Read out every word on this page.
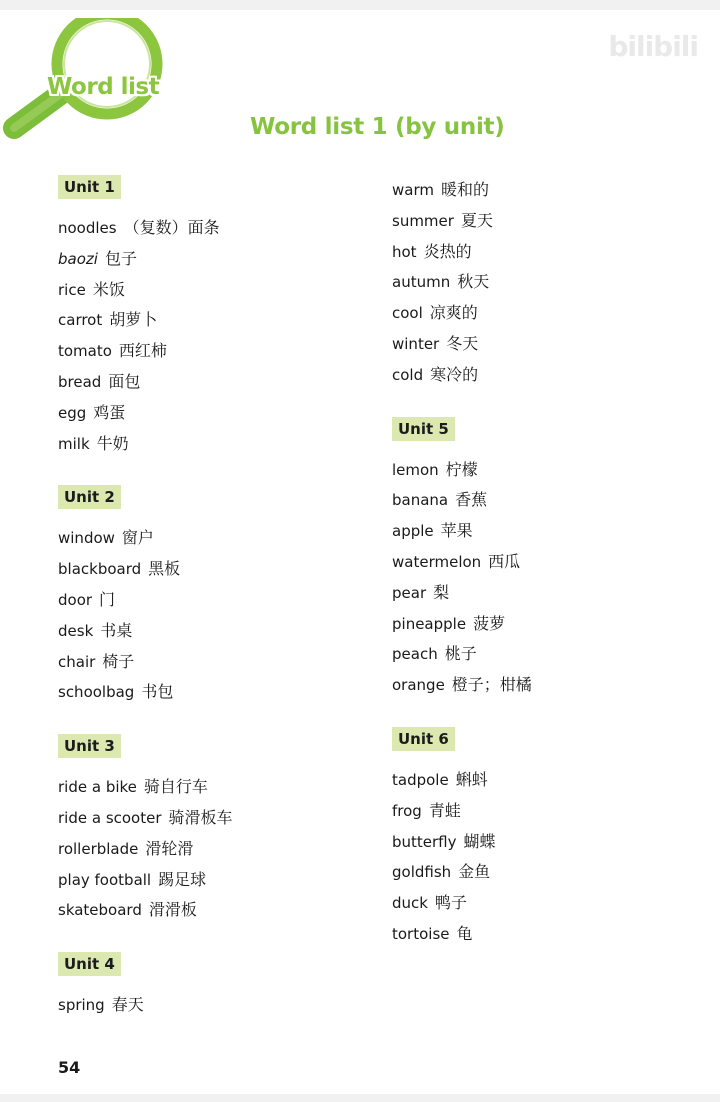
Word list
bilibili
Word list 1 (by unit)
Unit 1
noodles （复数）面条
baozi 包子
rice 米饭
carrot 胡萝卜
tomato 西红柿
bread 面包
egg 鸡蛋
milk 牛奶
Unit 2
window 窗户
blackboard 黑板
door 门
desk 书桌
chair 椅子
schoolbag 书包
Unit 3
ride a bike 骑自行车
ride a scooter 骑滑板车
rollerblade 滑轮滑
play football 踢足球
skateboard 滑滑板
Unit 4
spring 春天
warm 暖和的
summer 夏天
hot 炎热的
autumn 秋天
cool 凉爽的
winter 冬天
cold 寒冷的
Unit 5
lemon 柠檬
banana 香蕉
apple 苹果
watermelon 西瓜
pear 梨
pineapple 菠萝
peach 桃子
orange 橙子；柑橘
Unit 6
tadpole 蝌蚪
frog 青蛙
butterfly 蝴蝶
goldfish 金鱼
duck 鸭子
tortoise 龟
54
